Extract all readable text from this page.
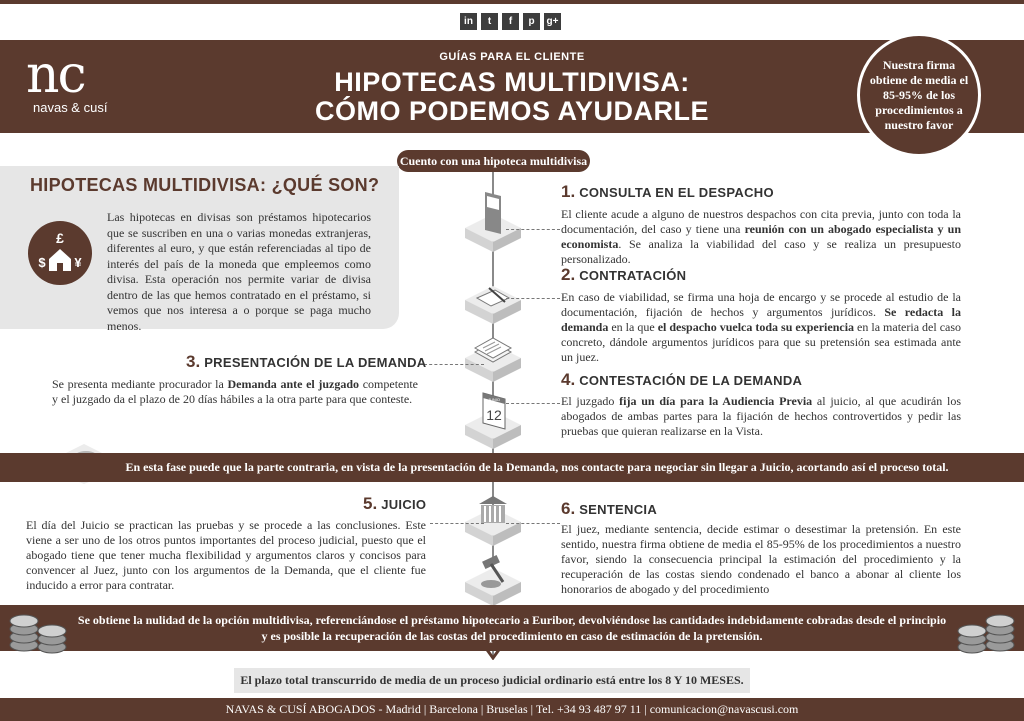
in	t	f	p	g+
nc
navas & cusí
GUÍAS PARA EL CLIENTE
HIPOTECAS MULTIDIVISA:
CÓMO PODEMOS AYUDARLE
Nuestra firma obtiene de media el 85-95% de los procedimientos a nuestro favor
Cuento con una hipoteca multidivisa
HIPOTECAS MULTIDIVISA: ¿QUÉ SON?
£
$ ¥
Las hipotecas en divisas son préstamos hipotecarios que se suscriben en una o varias monedas extranjeras, diferentes al euro, y que están referenciadas al tipo de interés del país de la moneda que empleemos como divisa. Esta operación nos permite variar de divisa dentro de las que hemos contratado en el préstamo, si vemos que nos interesa a o porque se paga mucho menos.
JUNIO
12
1. CONSULTA EN EL DESPACHO
El cliente acude a alguno de nuestros despachos con cita previa, junto con toda la documentación, del caso y tiene una reunión con un abogado especialista y un economista. Se analiza la viabilidad del caso y se realiza un presupuesto personalizado.
2. CONTRATACIÓN
En caso de viabilidad, se firma una hoja de encargo y se procede al estudio de la documentación, fijación de hechos y argumentos jurídicos. Se redacta la demanda en la que el despacho vuelca toda su experiencia en la materia del caso concreto, dándole argumentos jurídicos para que su pretensión sea estimada ante un juez.
3. PRESENTACIÓN DE LA DEMANDA
Se presenta mediante procurador la Demanda ante el juzgado competente y el juzgado da el plazo de 20 días hábiles a la otra parte para que conteste.
4. CONTESTACIÓN DE LA DEMANDA
El juzgado fija un día para la Audiencia Previa al juicio, al que acudirán los abogados de ambas partes para la fijación de hechos controvertidos y pedir las pruebas que quieran realizarse en la Vista.
En esta fase puede que la parte contraria, en vista de la presentación de la Demanda, nos contacte para negociar sin llegar a Juicio, acortando así el proceso total.
5. JUICIO
El día del Juicio se practican las pruebas y se procede a las conclusiones. Este viene a ser uno de los otros puntos importantes del proceso judicial, puesto que el abogado tiene que tener mucha flexibilidad y argumentos claros y concisos para convencer al Juez, junto con los argumentos de la Demanda, que el cliente fue inducido a error para contratar.
6. SENTENCIA
El juez, mediante sentencia, decide estimar o desestimar la pretensión. En este sentido, nuestra firma obtiene de media el 85-95% de los procedimientos a nuestro favor, siendo la consecuencia principal la estimación del procedimiento y la recuperación de las costas siendo condenado el banco a abonar al cliente los honorarios de abogado y del procedimiento
Se obtiene la nulidad de la opción multidivisa, referenciándose el préstamo hipotecario a Euribor, devolviéndose las cantidades indebidamente cobradas desde el principio
y es posible la recuperación de las costas del procedimiento en caso de estimación de la pretensión.
El plazo total transcurrido de media de un proceso judicial ordinario está entre los 8 Y 10 MESES.
NAVAS & CUSÍ ABOGADOS - Madrid | Barcelona | Bruselas | Tel. +34 93 487 97 11 | comunicacion@navascusi.com
